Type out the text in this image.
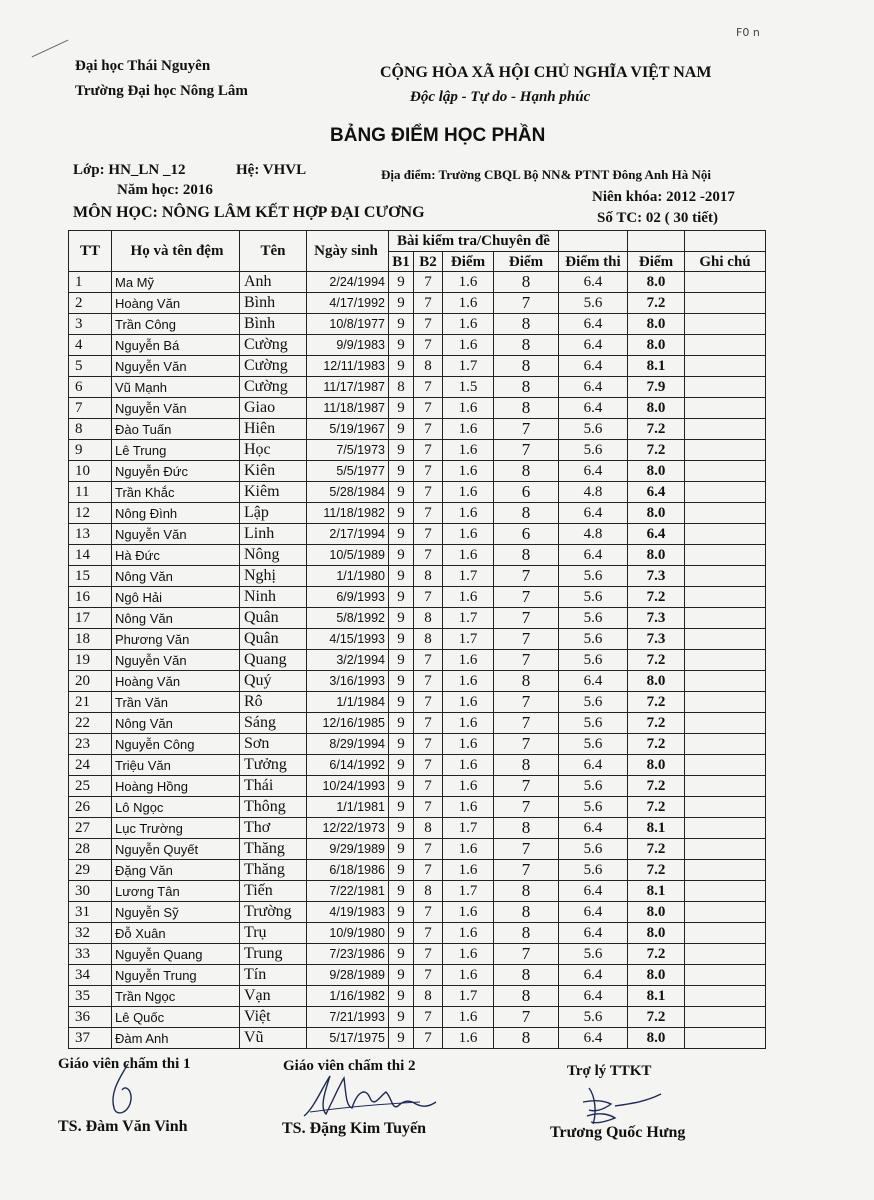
F0 n
Đại học Thái Nguyên
Trường Đại học Nông Lâm
CỘNG HÒA XÃ HỘI CHỦ NGHĨA VIỆT NAM
Độc lập - Tự do - Hạnh phúc
BẢNG ĐIỂM HỌC PHẦN
Lớp: HN_LN _12	Hệ: VHVL	Địa điểm: Trường CBQL Bộ NN& PTNT Đông Anh Hà Nội
Năm học: 2016	Niên khóa: 2012 -2017
MÔN HỌC: NÔNG LÂM KẾT HỢP ĐẠI CƯƠNG	Số TC: 02 ( 30 tiết)
TT	Họ và tên đệm	Tên	Ngày sinh	Bài kiểm tra/Chuyên đề						
				B1	B2	Điểm	Điểm	Điểm thi	Điểm	Ghi chú
1	Ma Mỹ	Anh	2/24/1994	9	7	1.6	8	6.4	8.0	
2	Hoàng Văn	Bình	4/17/1992	9	7	1.6	7	5.6	7.2	
3	Trần Công	Bình	10/8/1977	9	7	1.6	8	6.4	8.0	
4	Nguyễn Bá	Cường	9/9/1983	9	7	1.6	8	6.4	8.0	
5	Nguyễn Văn	Cường	12/11/1983	9	8	1.7	8	6.4	8.1	
6	Vũ Mạnh	Cường	11/17/1987	8	7	1.5	8	6.4	7.9	
7	Nguyễn Văn	Giao	11/18/1987	9	7	1.6	8	6.4	8.0	
8	Đào Tuấn	Hiên	5/19/1967	9	7	1.6	7	5.6	7.2	
9	Lê Trung	Học	7/5/1973	9	7	1.6	7	5.6	7.2	
10	Nguyễn Đức	Kiên	5/5/1977	9	7	1.6	8	6.4	8.0	
11	Trần Khắc	Kiêm	5/28/1984	9	7	1.6	6	4.8	6.4	
12	Nông Đình	Lập	11/18/1982	9	7	1.6	8	6.4	8.0	
13	Nguyễn Văn	Linh	2/17/1994	9	7	1.6	6	4.8	6.4	
14	Hà Đức	Nông	10/5/1989	9	7	1.6	8	6.4	8.0	
15	Nông Văn	Nghị	1/1/1980	9	8	1.7	7	5.6	7.3	
16	Ngô Hải	Ninh	6/9/1993	9	7	1.6	7	5.6	7.2	
17	Nông Văn	Quân	5/8/1992	9	8	1.7	7	5.6	7.3	
18	Phương Văn	Quân	4/15/1993	9	8	1.7	7	5.6	7.3	
19	Nguyễn Văn	Quang	3/2/1994	9	7	1.6	7	5.6	7.2	
20	Hoàng Văn	Quý	3/16/1993	9	7	1.6	8	6.4	8.0	
21	Trần Văn	Rô	1/1/1984	9	7	1.6	7	5.6	7.2	
22	Nông Văn	Sáng	12/16/1985	9	7	1.6	7	5.6	7.2	
23	Nguyễn Công	Sơn	8/29/1994	9	7	1.6	7	5.6	7.2	
24	Triệu Văn	Tưởng	6/14/1992	9	7	1.6	8	6.4	8.0	
25	Hoàng Hồng	Thái	10/24/1993	9	7	1.6	7	5.6	7.2	
26	Lô Ngọc	Thông	1/1/1981	9	7	1.6	7	5.6	7.2	
27	Lục Trường	Thơ	12/22/1973	9	8	1.7	8	6.4	8.1	
28	Nguyễn Quyết	Thăng	9/29/1989	9	7	1.6	7	5.6	7.2	
29	Đặng Văn	Thăng	6/18/1986	9	7	1.6	7	5.6	7.2	
30	Lương Tân	Tiến	7/22/1981	9	8	1.7	8	6.4	8.1	
31	Nguyễn Sỹ	Trường	4/19/1983	9	7	1.6	8	6.4	8.0	
32	Đỗ Xuân	Trụ	10/9/1980	9	7	1.6	8	6.4	8.0	
33	Nguyễn Quang	Trung	7/23/1986	9	7	1.6	7	5.6	7.2	
34	Nguyễn Trung	Tín	9/28/1989	9	7	1.6	8	6.4	8.0	
35	Trần Ngọc	Vạn	1/16/1982	9	8	1.7	8	6.4	8.1	
36	Lê Quốc	Việt	7/21/1993	9	7	1.6	7	5.6	7.2	
37	Đàm Anh	Vũ	5/17/1975	9	7	1.6	8	6.4	8.0	
Giáo viên chấm thi 1	Giáo viên chấm thi 2	Trợ lý TTKT
TS. Đàm Văn Vinh	TS. Đặng Kim Tuyến	Trương Quốc Hưng
